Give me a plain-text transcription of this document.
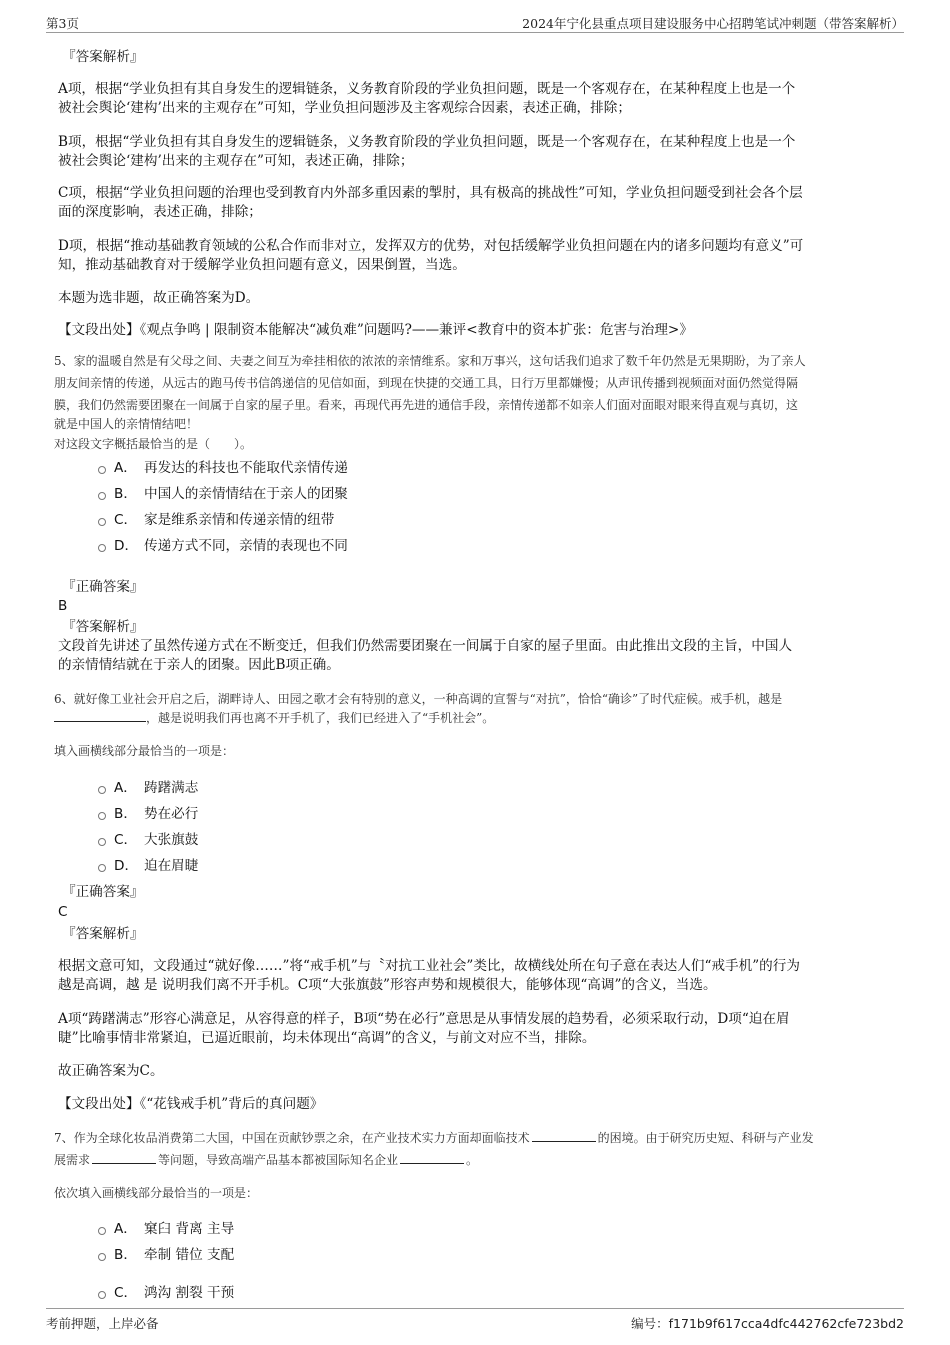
第3页	2024年宁化县重点项目建设服务中心招聘笔试冲刺题（带答案解析）
『答案解析』
A项，根据“学业负担有其自身发生的逻辑链条，义务教育阶段的学业负担问题，既是一个客观存在，在某种程度上也是一个
被社会舆论‘建构’出来的主观存在”可知，学业负担问题涉及主客观综合因素，表述正确，排除；
B项，根据“学业负担有其自身发生的逻辑链条，义务教育阶段的学业负担问题，既是一个客观存在，在某种程度上也是一个
被社会舆论‘建构’出来的主观存在”可知，表述正确，排除；
C项，根据“学业负担问题的治理也受到教育内外部多重因素的掣肘，具有极高的挑战性”可知，学业负担问题受到社会各个层
面的深度影响，表述正确，排除；
D项，根据“推动基础教育领域的公私合作而非对立，发挥双方的优势，对包括缓解学业负担问题在内的诸多问题均有意义”可
知，推动基础教育对于缓解学业负担问题有意义，因果倒置，当选。
本题为选非题，故正确答案为D。
【文段出处】《观点争鸣 | 限制资本能解决“减负难”问题吗?——兼评<教育中的资本扩张：危害与治理>》
5、家的温暖自然是有父母之间、夫妻之间互为牵挂相依的浓浓的亲情维系。家和万事兴，这句话我们追求了数千年仍然是无果期盼，为了亲人
朋友间亲情的传递，从远古的跑马传书信鸽递信的见信如面，到现在快捷的交通工具，日行万里都嫌慢；从声讯传播到视频面对面仍然觉得隔
膜，我们仍然需要团聚在一间属于自家的屋子里。看来，再现代再先进的通信手段，亲情传递都不如亲人们面对面眼对眼来得直观与真切，这
就是中国人的亲情情结吧！
对这段文字概括最恰当的是（　　）。
A． 再发达的科技也不能取代亲情传递
B． 中国人的亲情情结在于亲人的团聚
C． 家是维系亲情和传递亲情的纽带
D． 传递方式不同，亲情的表现也不同
『正确答案』
B
『答案解析』
文段首先讲述了虽然传递方式在不断变迁，但我们仍然需要团聚在一间属于自家的屋子里面。由此推出文段的主旨，中国人
的亲情情结就在于亲人的团聚。因此B项正确。
6、就好像工业社会开启之后，湖畔诗人、田园之歌才会有特别的意义，一种高调的宣誓与“对抗”，恰恰“确诊”了时代症候。戒手机，越是
，越是说明我们再也离不开手机了，我们已经进入了“手机社会”。
填入画横线部分最恰当的一项是：
A． 踌躇满志
B． 势在必行
C． 大张旗鼓
D． 迫在眉睫
『正确答案』
C
『答案解析』
根据文意可知，文段通过“就好像……”将“戒手机”与〝对抗工业社会”类比，故横线处所在句子意在表达人们“戒手机”的行为
越是高调，越 是 说明我们离不开手机。C项“大张旗鼓”形容声势和规模很大，能够体现“高调”的含义，当选。
A项“踌躇满志”形容心满意足，从容得意的样子，B项“势在必行”意思是从事情发展的趋势看，必须采取行动，D项“迫在眉
睫”比喻事情非常紧迫，已逼近眼前，均未体现出“高调”的含义，与前文对应不当，排除。
故正确答案为C。
【文段出处】《“花钱戒手机”背后的真问题》
7、作为全球化妆品消费第二大国，中国在贡献钞票之余，在产业技术实力方面却面临技术	的困境。由于研究历史短、科研与产业发
展需求	等问题，导致高端产品基本都被国际知名企业	。
依次填入画横线部分最恰当的一项是：
A． 窠臼 背离 主导
B． 牵制 错位 支配
C． 鸿沟 割裂 干预
考前押题，上岸必备	编号：f171b9f617cca4dfc442762cfe723bd2
